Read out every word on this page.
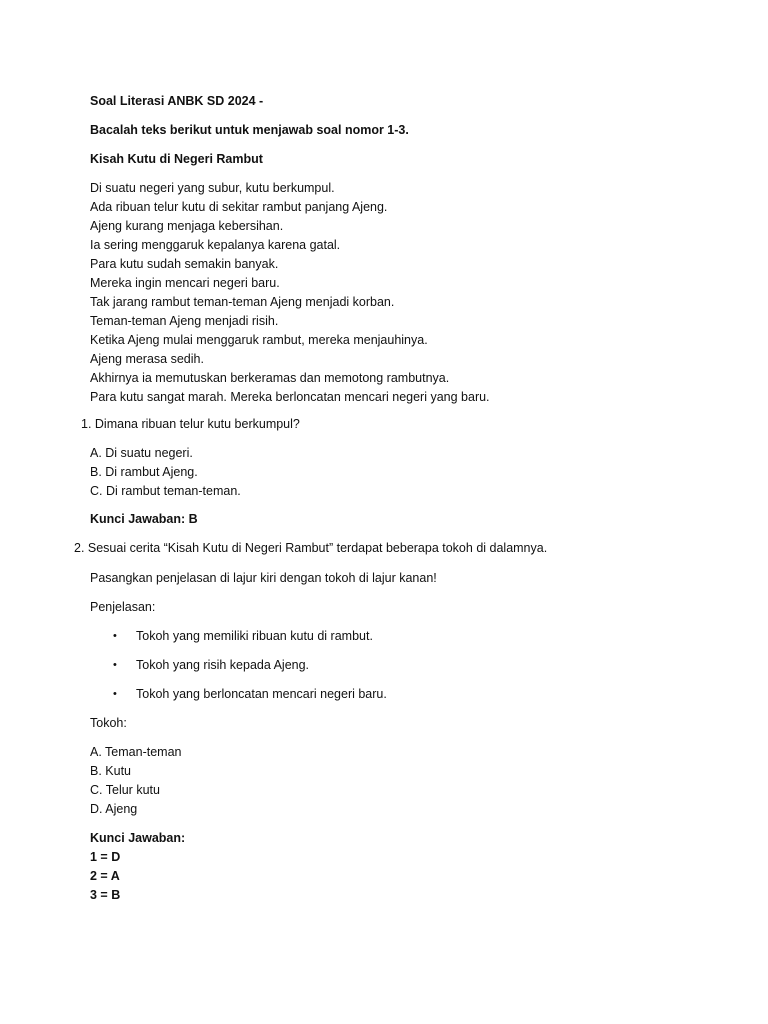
Soal Literasi ANBK SD 2024 -

Bacalah teks berikut untuk menjawab soal nomor 1-3.

Kisah Kutu di Negeri Rambut

Di suatu negeri yang subur, kutu berkumpul.
Ada ribuan telur kutu di sekitar rambut panjang Ajeng.
Ajeng kurang menjaga kebersihan.
Ia sering menggaruk kepalanya karena gatal.
Para kutu sudah semakin banyak.
Mereka ingin mencari negeri baru.
Tak jarang rambut teman-teman Ajeng menjadi korban.
Teman-teman Ajeng menjadi risih.
Ketika Ajeng mulai menggaruk rambut, mereka menjauhinya.
Ajeng merasa sedih.
Akhirnya ia memutuskan berkeramas dan memotong rambutnya.
Para kutu sangat marah. Mereka berloncatan mencari negeri yang baru.

1. Dimana ribuan telur kutu berkumpul?

A. Di suatu negeri.
B. Di rambut Ajeng.
C. Di rambut teman-teman.

Kunci Jawaban: B

2. Sesuai cerita “Kisah Kutu di Negeri Rambut” terdapat beberapa tokoh di dalamnya.

Pasangkan penjelasan di lajur kiri dengan tokoh di lajur kanan!

Penjelasan:

• Tokoh yang memiliki ribuan kutu di rambut.
• Tokoh yang risih kepada Ajeng.
• Tokoh yang berloncatan mencari negeri baru.

Tokoh:

A. Teman-teman
B. Kutu
C. Telur kutu
D. Ajeng
Kunci Jawaban:
1 = D
2 = A
3 = B
